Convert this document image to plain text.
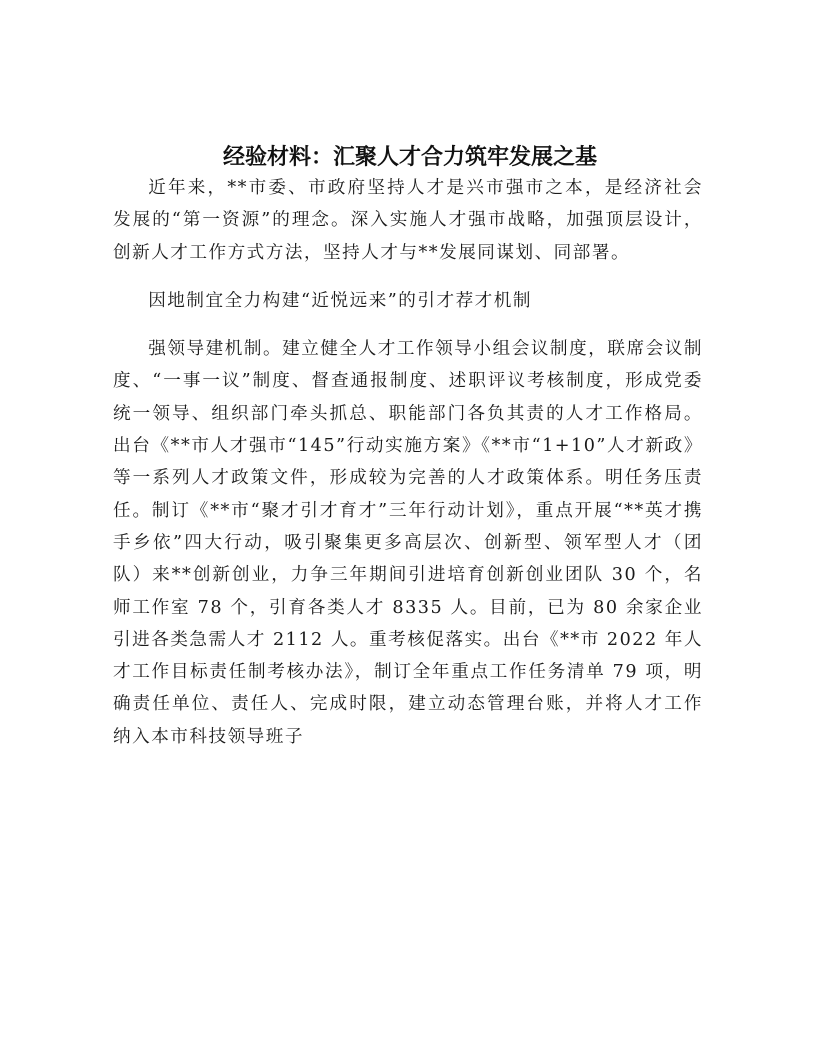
经验材料：汇聚人才合力筑牢发展之基

近年来，**市委、市政府坚持人才是兴市强市之本，是经济社会发展的“第一资源”的理念。深入实施人才强市战略，加强顶层设计，创新人才工作方式方法，坚持人才与**发展同谋划、同部署。

因地制宜全力构建“近悦远来”的引才荐才机制

强领导建机制。建立健全人才工作领导小组会议制度，联席会议制度、“一事一议”制度、督查通报制度、述职评议考核制度，形成党委统一领导、组织部门牵头抓总、职能部门各负其责的人才工作格局。出台《**市人才强市“145”行动实施方案》《**市“1+10”人才新政》等一系列人才政策文件，形成较为完善的人才政策体系。明任务压责任。制订《**市“聚才引才育才”三年行动计划》，重点开展“**英才携手乡依”四大行动，吸引聚集更多高层次、创新型、领军型人才（团队）来**创新创业，力争三年期间引进培育创新创业团队 30 个，名师工作室 78 个，引育各类人才 8335 人。目前，已为 80 余家企业引进各类急需人才 2112 人。重考核促落实。出台《**市 2022 年人才工作目标责任制考核办法》，制订全年重点工作任务清单 79 项，明确责任单位、责任人、完成时限，建立动态管理台账，并将人才工作纳入本市科技领导班子
